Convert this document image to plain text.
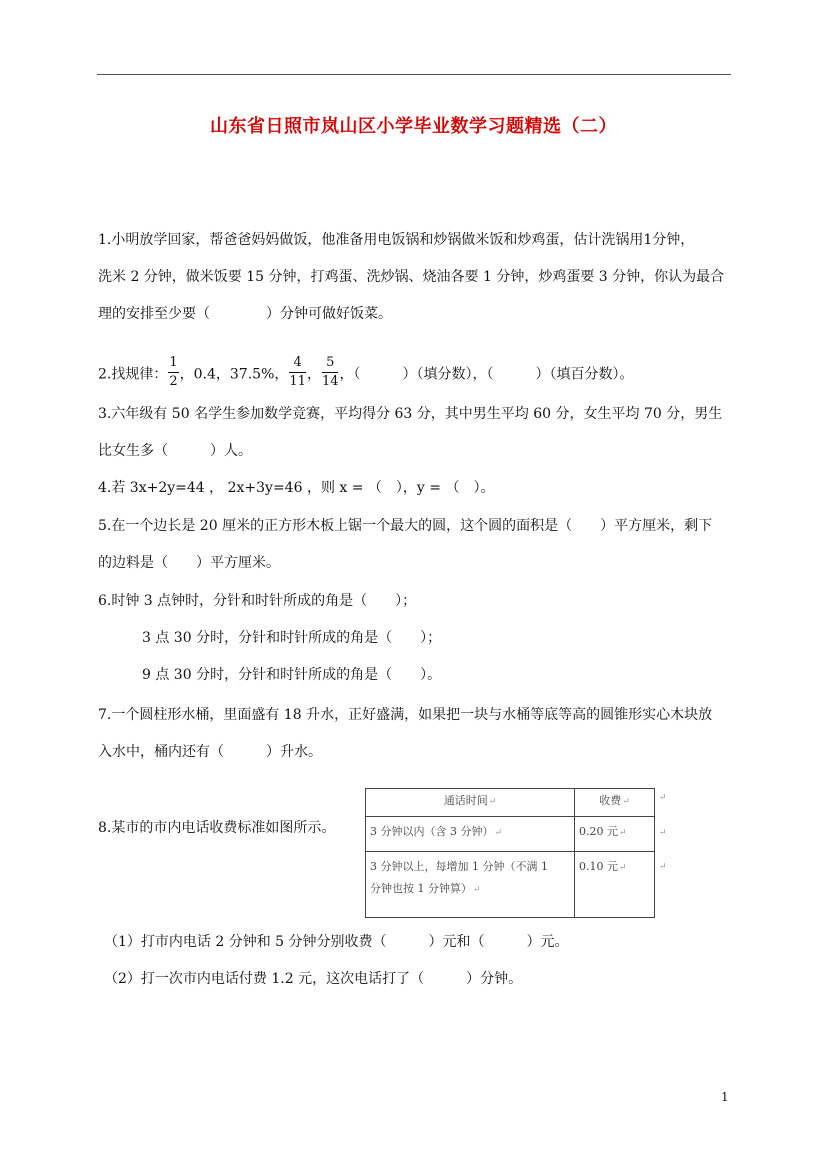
山东省日照市岚山区小学毕业数学习题精选（二）
1.小明放学回家，帮爸爸妈妈做饭，他准备用电饭锅和炒锅做米饭和炒鸡蛋，估计洗锅用1分钟，
洗米 2 分钟，做米饭要 15 分钟，打鸡蛋、洗炒锅、烧油各要 1 分钟，炒鸡蛋要 3 分钟，你认为最合
理的安排至少要（　　　　）分钟可做好饭菜。
2.找规律： $\frac{1}{2}$ ，0.4，37.5%， $\frac{4}{11}$ ， $\frac{5}{14}$ ，（　　　）（填分数），（　　　）（填百分数）。
3.六年级有 50 名学生参加数学竞赛，平均得分 63 分，其中男生平均 60 分，女生平均 70 分，男生
比女生多（　　　）人。
4.若 3x+2y=44 ， 2x+3y=46 ，则 x = （　），y = （　）。
5.在一个边长是 20 厘米的正方形木板上锯一个最大的圆，这个圆的面积是（　　）平方厘米，剩下
的边料是（　　）平方厘米。
6.时钟 3 点钟时，分针和时针所成的角是（　　）；
3 点 30 分时，分针和时针所成的角是（　　）；
9 点 30 分时，分针和时针所成的角是（　　）。
7.一个圆柱形水桶，里面盛有 18 升水，正好盛满，如果把一块与水桶等底等高的圆锥形实心木块放
入水中，桶内还有（　　　）升水。
8.某市的市内电话收费标准如图所示。
通话时间↵	收费↵
3 分钟以内（含 3 分钟）↵	0.20 元↵

3 分钟以上，每增加 1 分钟（不满 1
分钟也按 1 分钟算）↵	0.10 元↵
↵
↵
↵
（1）打市内电话 2 分钟和 5 分钟分别收费（　　　）元和（　　　）元。
（2）打一次市内电话付费 1.2 元，这次电话打了（　　　）分钟。
1
